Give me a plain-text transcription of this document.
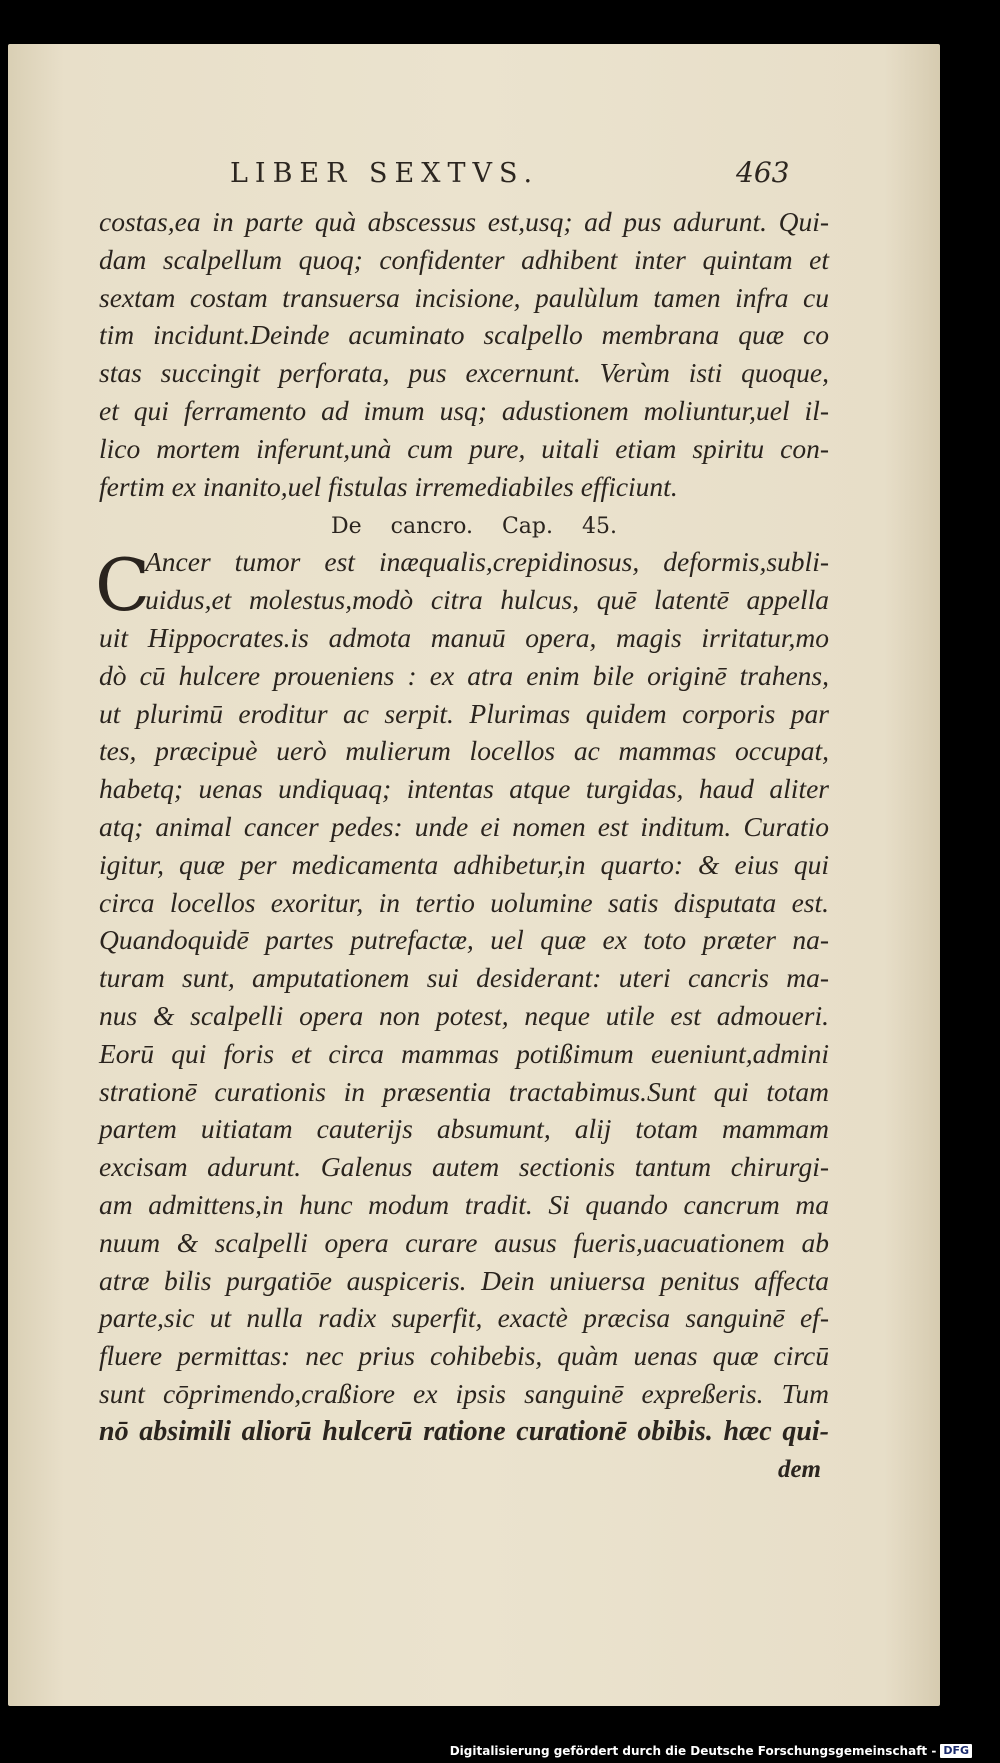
LIBER SEXTVS.	463
costas,ea in parte quà abscessus est,usq; ad pus adurunt. Qui-
dam scalpellum quoq; confidenter adhibent inter quintam et
sextam costam transuersa incisione, paulùlum tamen infra cu
tim incidunt.Deinde acuminato scalpello membrana quæ co
stas succingit perforata, pus excernunt. Verùm isti quoque,
et qui ferramento ad imum usq; adustionem moliuntur,uel il-
lico mortem inferunt,unà cum pure, uitali etiam spiritu con-
fertim ex inanito,uel fistulas irremediabiles efficiunt.
De cancro. Cap. 45.
C
Ancer tumor est inæqualis,crepidinosus, deformis,subli-
uidus,et molestus,modò citra hulcus, quē latentē appella
uit Hippocrates.is admota manuū opera, magis irritatur,mo
dò cū hulcere proueniens : ex atra enim bile originē trahens,
ut plurimū eroditur ac serpit. Plurimas quidem corporis par
tes, præcipuè uerò mulierum locellos ac mammas occupat,
habetq; uenas undiquaq; intentas atque turgidas, haud aliter
atq; animal cancer pedes: unde ei nomen est inditum. Curatio
igitur, quæ per medicamenta adhibetur,in quarto: & eius qui
circa locellos exoritur, in tertio uolumine satis disputata est.
Quandoquidē partes putrefactæ, uel quæ ex toto præter na-
turam sunt, amputationem sui desiderant: uteri cancris ma-
nus & scalpelli opera non potest, neque utile est admoueri.
Eorū qui foris et circa mammas potißimum eueniunt,admini
strationē curationis in præsentia tractabimus.Sunt qui totam
partem uitiatam cauterijs absumunt, alij totam mammam
excisam adurunt. Galenus autem sectionis tantum chirurgi-
am admittens,in hunc modum tradit. Si quando cancrum ma
nuum & scalpelli opera curare ausus fueris,uacuationem ab
atræ bilis purgatiōe auspiceris. Dein uniuersa penitus affecta
parte,sic ut nulla radix superfit, exactè præcisa sanguinē ef-
fluere permittas: nec prius cohibebis, quàm uenas quæ circū
sunt cōprimendo,craßiore ex ipsis sanguinē expreßeris. Tum
nō absimili aliorū hulcerū ratione curationē obibis. hæc qui-
dem
Digitalisierung gefördert durch die Deutsche Forschungsgemeinschaft - DFG
